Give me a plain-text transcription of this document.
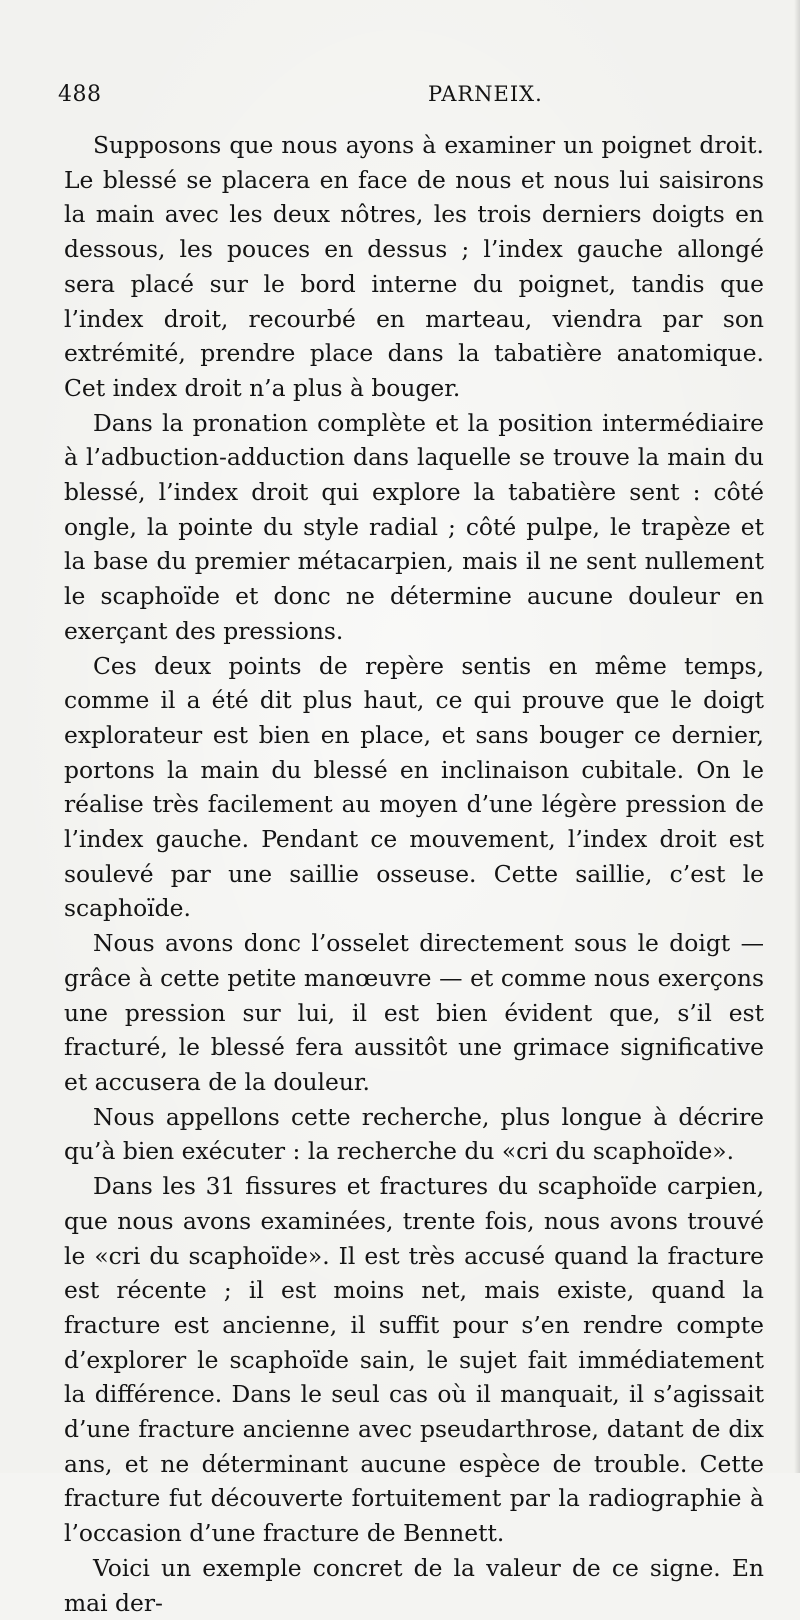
488	PARNEIX.

Supposons que nous ayons à examiner un poignet droit. Le blessé se placera en face de nous et nous lui saisirons la main avec les deux nôtres, les trois derniers doigts en dessous, les pouces en dessus ; l’index gauche allongé sera placé sur le bord interne du poignet, tandis que l’index droit, recourbé en marteau, viendra par son extrémité, prendre place dans la tabatière anatomique. Cet index droit n’a plus à bouger.

Dans la pronation complète et la position intermédiaire à l’adbuction-adduction dans laquelle se trouve la main du blessé, l’index droit qui explore la tabatière sent : côté ongle, la pointe du style radial ; côté pulpe, le trapèze et la base du premier métacarpien, mais il ne sent nullement le scaphoïde et donc ne détermine aucune douleur en exerçant des pressions.

Ces deux points de repère sentis en même temps, comme il a été dit plus haut, ce qui prouve que le doigt explorateur est bien en place, et sans bouger ce dernier, portons la main du blessé en inclinaison cubitale. On le réalise très facilement au moyen d’une légère pression de l’index gauche. Pendant ce mouvement, l’index droit est soulevé par une saillie osseuse. Cette saillie, c’est le scaphoïde.

Nous avons donc l’osselet directement sous le doigt — grâce à cette petite manœuvre — et comme nous exerçons une pression sur lui, il est bien évident que, s’il est fracturé, le blessé fera aussitôt une grimace significative et accusera de la douleur.

Nous appellons cette recherche, plus longue à décrire qu’à bien exécuter : la recherche du «cri du scaphoïde».

Dans les 31 fissures et fractures du scaphoïde carpien, que nous avons examinées, trente fois, nous avons trouvé le «cri du scaphoïde». Il est très accusé quand la fracture est récente ; il est moins net, mais existe, quand la fracture est ancienne, il suffit pour s’en rendre compte d’explorer le scaphoïde sain, le sujet fait immédiatement la différence. Dans le seul cas où il manquait, il s’agissait d’une fracture ancienne avec pseudarthrose, datant de dix ans, et ne déterminant aucune espèce de trouble. Cette fracture fut découverte fortuitement par la radiographie à l’occasion d’une fracture de Bennett.

Voici un exemple concret de la valeur de ce signe. En mai der-
